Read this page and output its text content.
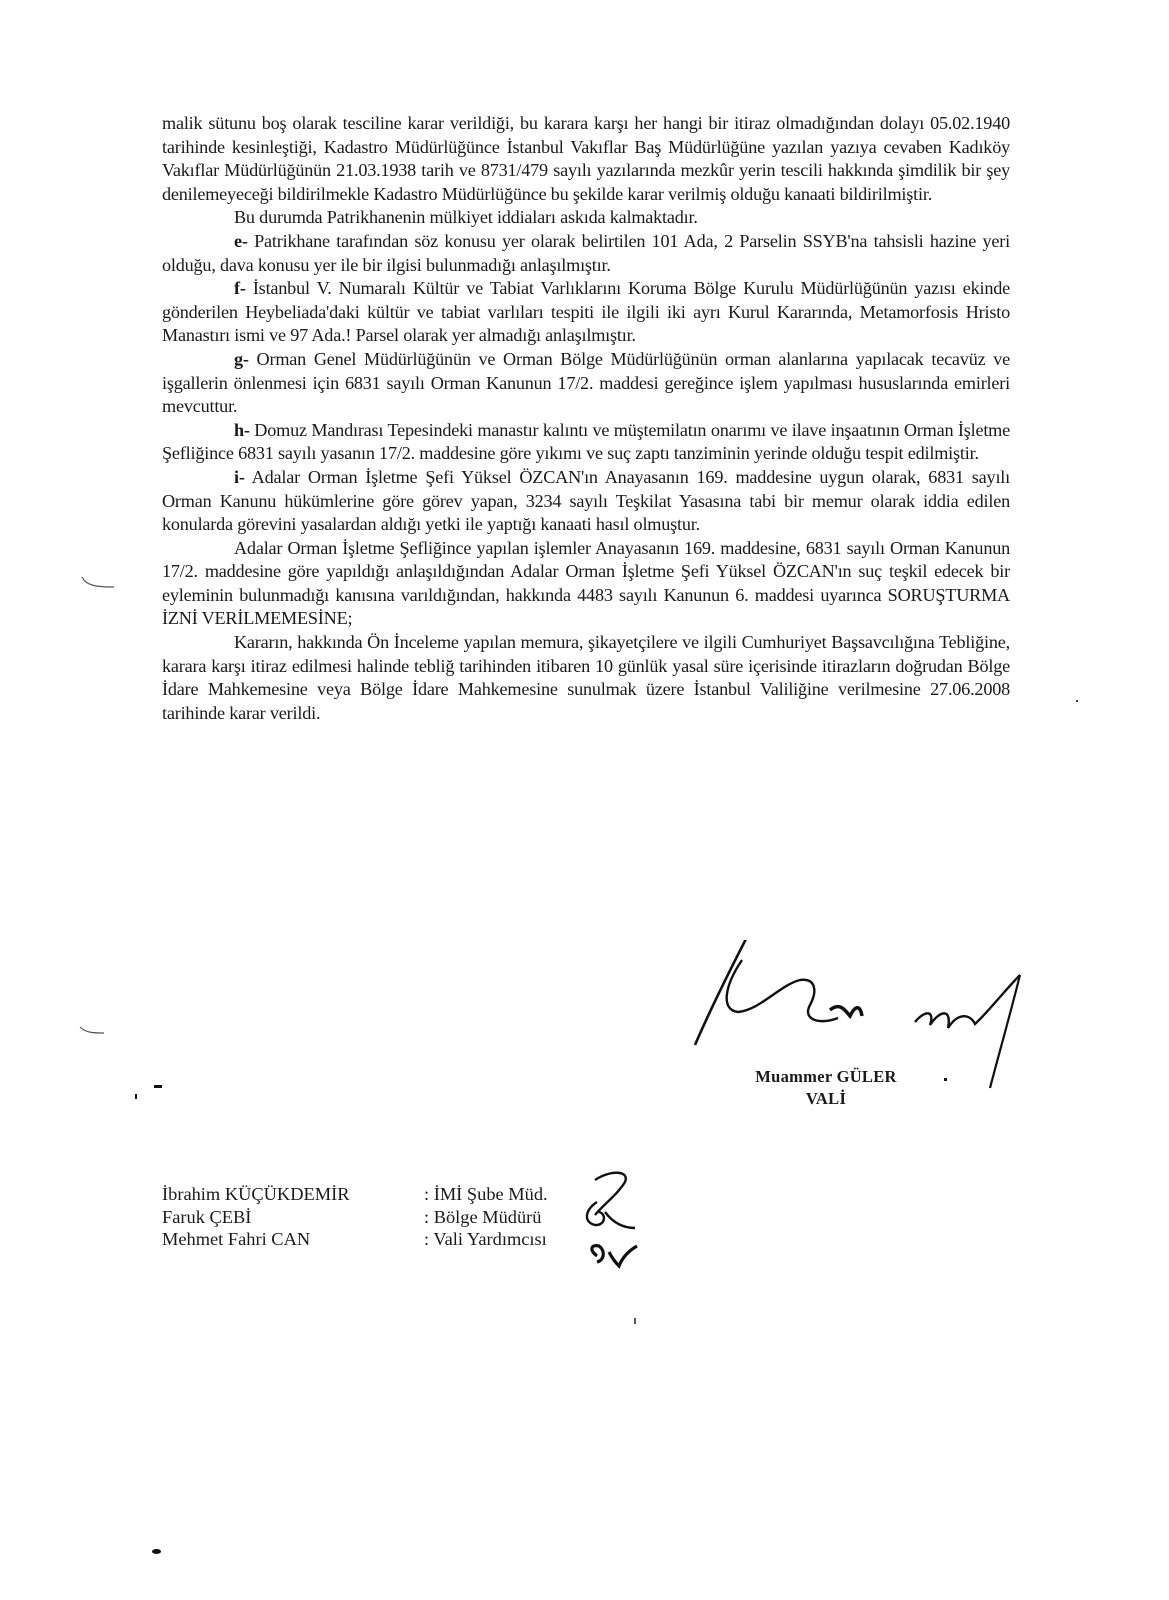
malik sütunu boş olarak tesciline karar verildiği, bu karara karşı her hangi bir itiraz olmadığından dolayı 05.02.1940 tarihinde kesinleştiği, Kadastro Müdürlüğünce İstanbul Vakıflar Baş Müdürlüğüne yazılan yazıya cevaben Kadıköy Vakıflar Müdürlüğünün 21.03.1938 tarih ve 8731/479 sayılı yazılarında mezkûr yerin tescili hakkında şimdilik bir şey denilemeyeceği bildirilmekle Kadastro Müdürlüğünce bu şekilde karar verilmiş olduğu kanaati bildirilmiştir.

Bu durumda Patrikhanenin mülkiyet iddiaları askıda kalmaktadır.

e- Patrikhane tarafından söz konusu yer olarak belirtilen 101 Ada, 2 Parselin SSYB'na tahsisli hazine yeri olduğu, dava konusu yer ile bir ilgisi bulunmadığı anlaşılmıştır.

f- İstanbul V. Numaralı Kültür ve Tabiat Varlıklarını Koruma Bölge Kurulu Müdürlüğünün yazısı ekinde gönderilen Heybeliada'daki kültür ve tabiat varlıları tespiti ile ilgili iki ayrı Kurul Kararında, Metamorfosis Hristo Manastırı ismi ve 97 Ada.! Parsel olarak yer almadığı anlaşılmıştır.

g- Orman Genel Müdürlüğünün ve Orman Bölge Müdürlüğünün orman alanlarına yapılacak tecavüz ve işgallerin önlenmesi için 6831 sayılı Orman Kanunun 17/2. maddesi gereğince işlem yapılması hususlarında emirleri mevcuttur.

h- Domuz Mandırası Tepesindeki manastır kalıntı ve müştemilatın onarımı ve ilave inşaatının Orman İşletme Şefliğince 6831 sayılı yasanın 17/2. maddesine göre yıkımı ve suç zaptı tanziminin yerinde olduğu tespit edilmiştir.

i- Adalar Orman İşletme Şefi Yüksel ÖZCAN'ın Anayasanın 169. maddesine uygun olarak, 6831 sayılı Orman Kanunu hükümlerine göre görev yapan, 3234 sayılı Teşkilat Yasasına tabi bir memur olarak iddia edilen konularda görevini yasalardan aldığı yetki ile yaptığı kanaati hasıl olmuştur.

Adalar Orman İşletme Şefliğince yapılan işlemler Anayasanın 169. maddesine, 6831 sayılı Orman Kanunun 17/2. maddesine göre yapıldığı anlaşıldığından Adalar Orman İşletme Şefi Yüksel ÖZCAN'ın suç teşkil edecek bir eyleminin bulunmadığı kanısına varıldığından, hakkında 4483 sayılı Kanunun 6. maddesi uyarınca SORUŞTURMA İZNİ VERİLMEMESİNE;

Kararın, hakkında Ön İnceleme yapılan memura, şikayetçilere ve ilgili Cumhuriyet Başsavcılığına Tebliğine, karara karşı itiraz edilmesi halinde tebliğ tarihinden itibaren 10 günlük yasal süre içerisinde itirazların doğrudan Bölge İdare Mahkemesine veya Bölge İdare Mahkemesine sunulmak üzere İstanbul Valiliğine verilmesine 27.06.2008 tarihinde karar verildi.

Muammer GÜLER
VALİ
İbrahim KÜÇÜKDEMİR	: İMİ Şube Müd.
Faruk ÇEBİ	: Bölge Müdürü
Mehmet Fahri CAN	: Vali Yardımcısı
